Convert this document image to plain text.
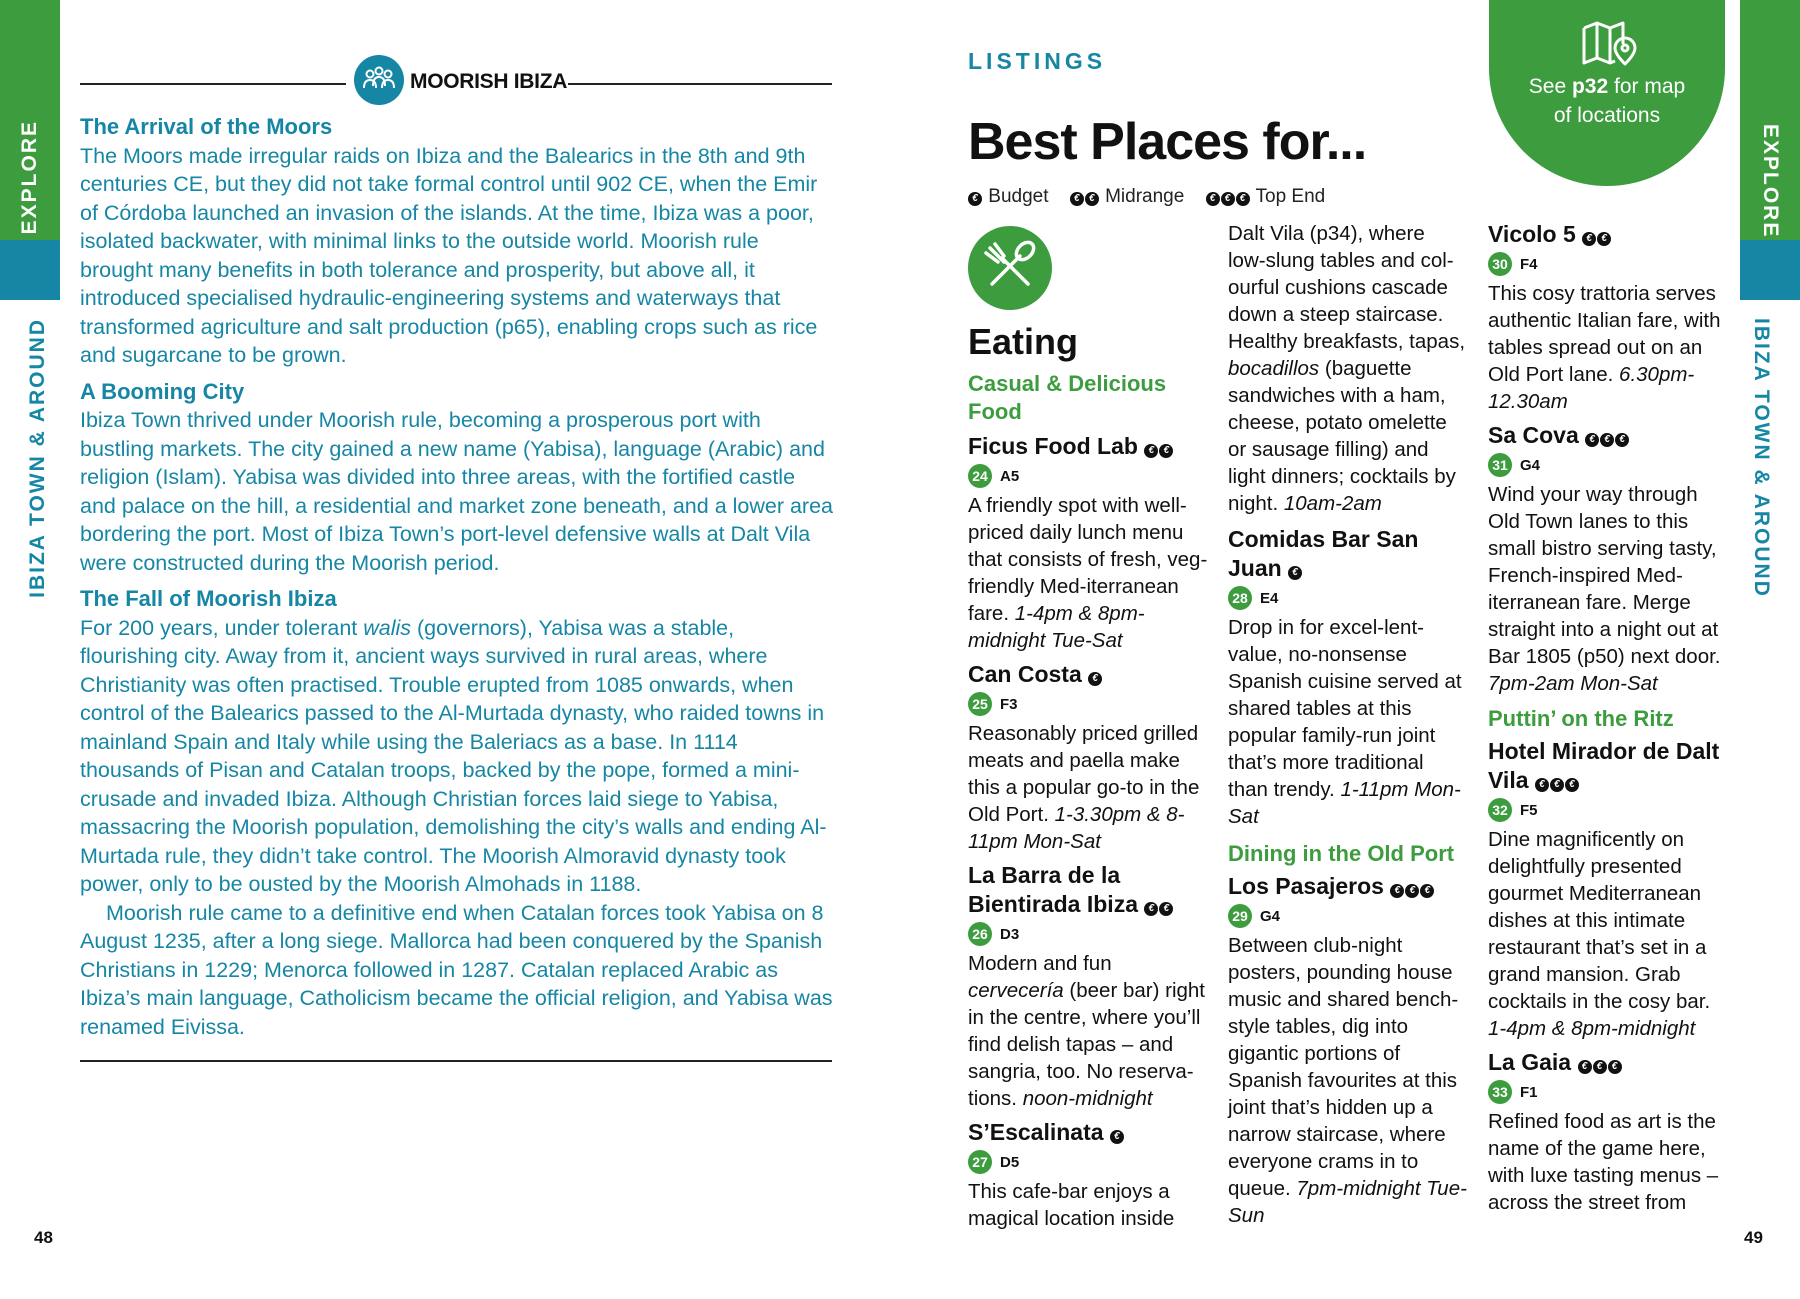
EXPLORE
IBIZA TOWN & AROUND
EXPLORE
IBIZA TOWN & AROUND
48	49
MOORISH IBIZA
The Arrival of the Moors

The Moors made irregular raids on Ibiza and the Balearics in the 8th and 9th centuries CE, but they did not take formal control until 902 CE, when the Emir of Córdoba launched an invasion of the islands. At the time, Ibiza was a poor, isolated backwater, with minimal links to the outside world. Moorish rule brought many benefits in both tolerance and prosperity, but above all, it introduced specialised hydraulic-engineering systems and waterways that transformed agriculture and salt production (p65), enabling crops such as rice and sugarcane to be grown.

A Booming City

Ibiza Town thrived under Moorish rule, becoming a prosperous port with bustling markets. The city gained a new name (Yabisa), language (Arabic) and religion (Islam). Yabisa was divided into three areas, with the fortified castle and palace on the hill, a residential and market zone beneath, and a lower area bordering the port. Most of Ibiza Town’s port-level defensive walls at Dalt Vila were constructed during the Moorish period.

The Fall of Moorish Ibiza

For 200 years, under tolerant walis (governors), Yabisa was a stable, flourishing city. Away from it, ancient ways survived in rural areas, where Christianity was often practised. Trouble erupted from 1085 onwards, when control of the Balearics passed to the Al-Murtada dynasty, who raided towns in mainland Spain and Italy while using the Baleriacs as a base. In 1114 thousands of Pisan and Catalan troops, backed by the pope, formed a mini-crusade and invaded Ibiza. Although Christian forces laid siege to Yabisa, massacring the Moorish population, demolishing the city’s walls and ending Al-Murtada rule, they didn’t take control. The Moorish Almoravid dynasty took power, only to be ousted by the Moorish Almohads in 1188.

Moorish rule came to a definitive end when Catalan forces took Yabisa on 8 August 1235, after a long siege. Mallorca had been conquered by the Spanish Christians in 1229; Menorca followed in 1287. Catalan replaced Arabic as Ibiza’s main language, Catholicism became the official religion, and Yabisa was renamed Eivissa.

LISTINGS
Best Places for...
€ Budget	€ € Midrange	€ € € Top End
See p32 for map
of locations
Eating
Casual & Delicious Food
Ficus Food Lab € €
24 A5

A friendly spot with well-priced daily lunch menu that consists of fresh, veg-friendly Med-iterranean fare. 1-4pm & 8pm-midnight Tue-Sat

Can Costa €
25 F3

Reasonably priced grilled meats and paella make this a popular go-to in the Old Port. 1-3.30pm & 8-11pm Mon-Sat

La Barra de la Bientirada Ibiza € €
26 D3

Modern and fun cervecería (beer bar) right in the centre, where you’ll find delish tapas – and sangria, too. No reserva-tions. noon-midnight

S’Escalinata €
27 D5

This cafe-bar enjoys a magical location inside

Dalt Vila (p34), where low-slung tables and col-ourful cushions cascade down a steep staircase. Healthy breakfasts, tapas, bocadillos (baguette sandwiches with a ham, cheese, potato omelette or sausage filling) and light dinners; cocktails by night. 10am-2am

Comidas Bar San Juan €
28 E4

Drop in for excel-lent-value, no-nonsense Spanish cuisine served at shared tables at this popular family-run joint that’s more traditional than trendy. 1-11pm Mon-Sat

Dining in the Old Port
Los Pasajeros € € €
29 G4

Between club-night posters, pounding house music and shared bench-style tables, dig into gigantic portions of Spanish favourites at this joint that’s hidden up a narrow staircase, where everyone crams in to queue. 7pm-midnight Tue-Sun

Vicolo 5 € €
30 F4

This cosy trattoria serves authentic Italian fare, with tables spread out on an Old Port lane. 6.30pm-12.30am

Sa Cova € € €
31 G4

Wind your way through Old Town lanes to this small bistro serving tasty, French-inspired Med-iterranean fare. Merge straight into a night out at Bar 1805 (p50) next door. 7pm-2am Mon-Sat

Puttin’ on the Ritz
Hotel Mirador de Dalt Vila € € €
32 F5

Dine magnificently on delightfully presented gourmet Mediterranean dishes at this intimate restaurant that’s set in a grand mansion. Grab cocktails in the cosy bar. 1-4pm & 8pm-midnight

La Gaia € € €
33 F1

Refined food as art is the name of the game here, with luxe tasting menus – across the street from
